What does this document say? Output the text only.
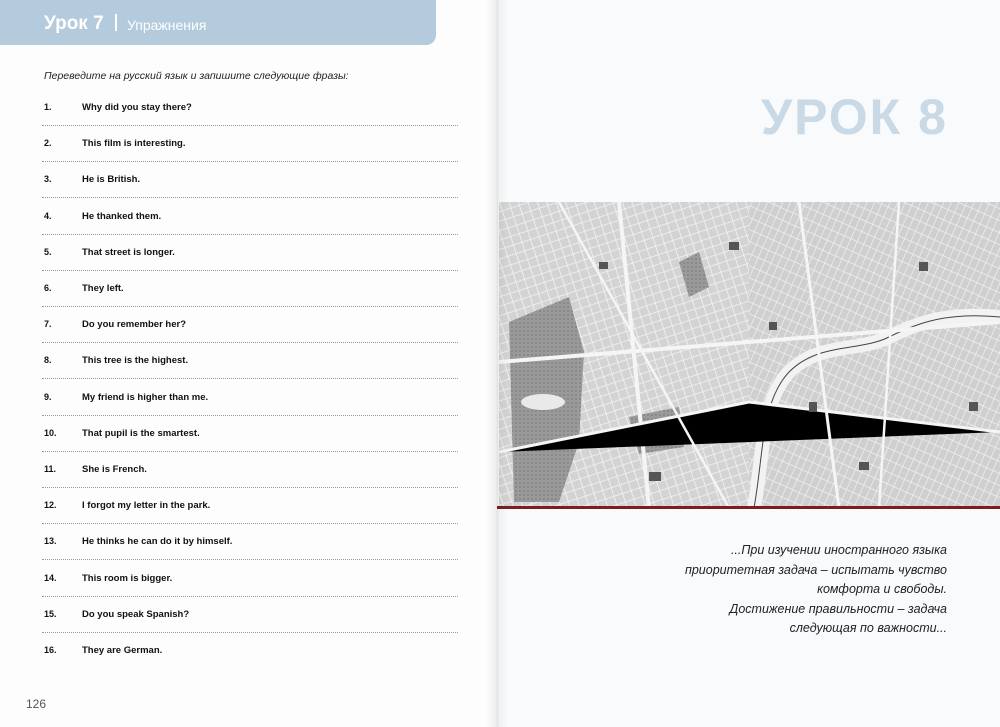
Урок 7 Упражнения
Переведите на русский язык и запишите следующие фразы:
1.	Why did you stay there?
2.	This film is interesting.
3.	He is British.
4.	He thanked them.
5.	That street is longer.
6.	They left.
7.	Do you remember her?
8.	This tree is the highest.
9.	My friend is higher than me.
10.	That pupil is the smartest.
11.	She is French.
12.	I forgot my letter in the park.
13.	He thinks he can do it by himself.
14.	This room is bigger.
15.	Do you speak Spanish?
16.	They are German.
126
УРОК 8
...При изучении иностранного языка
приоритетная задача – испытать чувство
комфорта и свободы.
Достижение правильности – задача
следующая по важности...
